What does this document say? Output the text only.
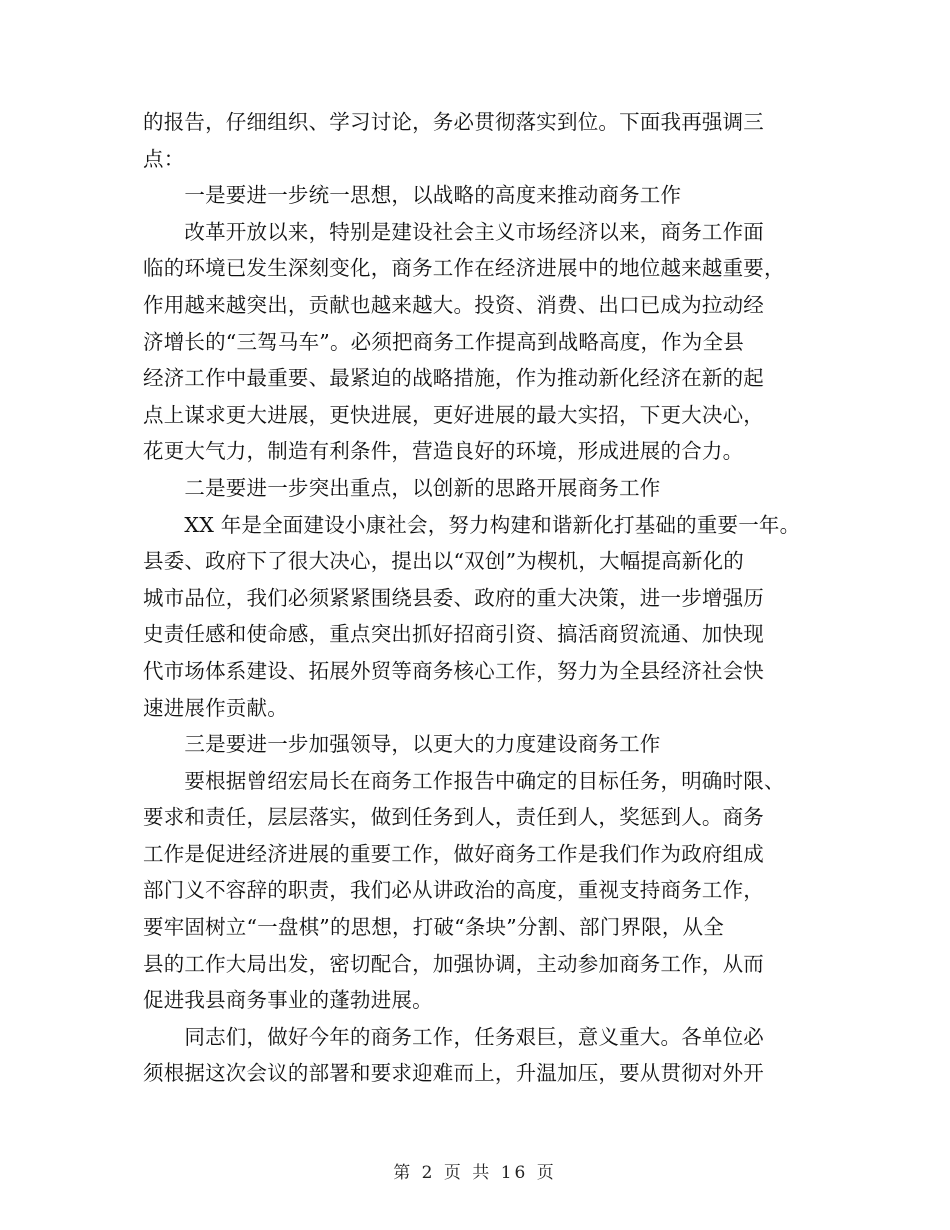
的报告，仔细组织、学习讨论，务必贯彻落实到位。下面我再强调三
点：
　　一是要进一步统一思想，以战略的高度来推动商务工作
　　改革开放以来，特别是建设社会主义市场经济以来，商务工作面
临的环境已发生深刻变化，商务工作在经济进展中的地位越来越重要，
作用越来越突出，贡献也越来越大。投资、消费、出口已成为拉动经
济增长的“三驾马车”。必须把商务工作提高到战略高度，作为全县
经济工作中最重要、最紧迫的战略措施，作为推动新化经济在新的起
点上谋求更大进展，更快进展，更好进展的最大实招，下更大决心，
花更大气力，制造有利条件，营造良好的环境，形成进展的合力。
　　二是要进一步突出重点，以创新的思路开展商务工作
　　XX 年是全面建设小康社会，努力构建和谐新化打基础的重要一年。
县委、政府下了很大决心，提出以“双创”为楔机，大幅提高新化的
城市品位，我们必须紧紧围绕县委、政府的重大决策，进一步增强历
史责任感和使命感，重点突出抓好招商引资、搞活商贸流通、加快现
代市场体系建设、拓展外贸等商务核心工作，努力为全县经济社会快
速进展作贡献。
　　三是要进一步加强领导，以更大的力度建设商务工作
　　要根据曾绍宏局长在商务工作报告中确定的目标任务，明确时限、
要求和责任，层层落实，做到任务到人，责任到人，奖惩到人。商务
工作是促进经济进展的重要工作，做好商务工作是我们作为政府组成
部门义不容辞的职责，我们必从讲政治的高度，重视支持商务工作，
要牢固树立“一盘棋”的思想，打破“条块”分割、部门界限，从全
县的工作大局出发，密切配合，加强协调，主动参加商务工作，从而
促进我县商务事业的蓬勃进展。
　　同志们，做好今年的商务工作，任务艰巨，意义重大。各单位必
须根据这次会议的部署和要求迎难而上，升温加压，要从贯彻对外开
第 2 页 共 16 页
